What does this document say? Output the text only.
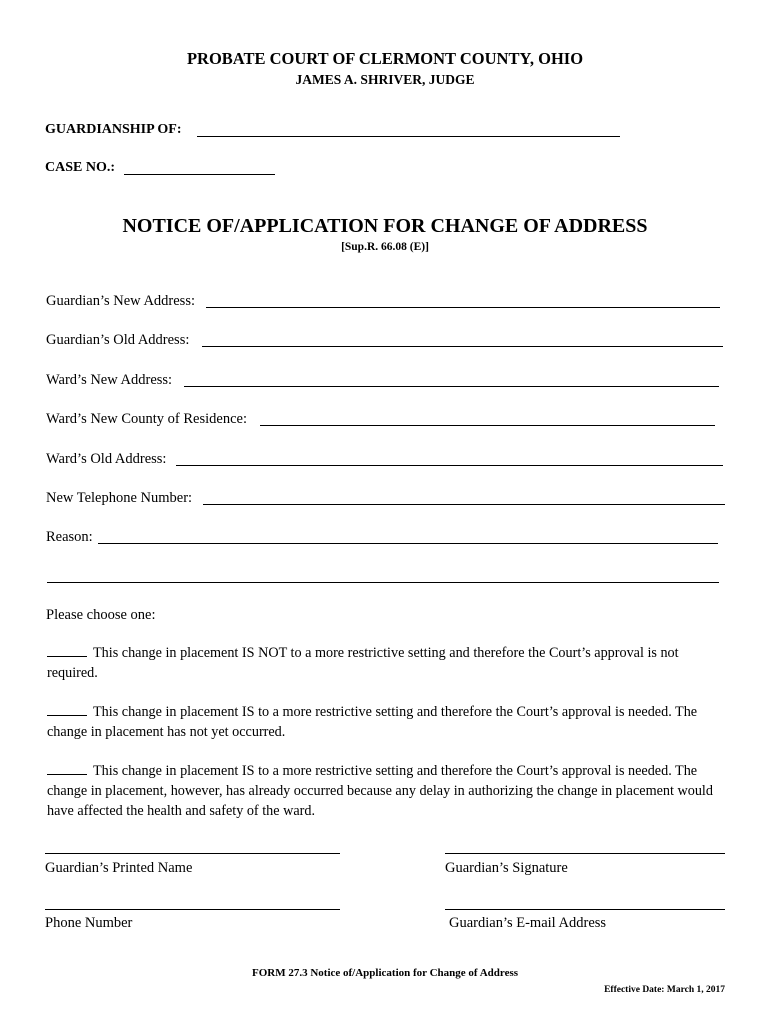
PROBATE COURT OF CLERMONT COUNTY, OHIO
JAMES A. SHRIVER, JUDGE
GUARDIANSHIP OF:
CASE NO.:
NOTICE OF/APPLICATION FOR CHANGE OF ADDRESS
[Sup.R. 66.08 (E)]
Guardian’s New Address:
Guardian’s Old Address:
Ward’s New Address:
Ward’s New County of Residence:
Ward’s Old Address:
New Telephone Number:
Reason:
Please choose one:
This change in placement IS NOT to a more restrictive setting and therefore the Court’s approval is not required.
This change in placement IS to a more restrictive setting and therefore the Court’s approval is needed. The change in placement has not yet occurred.
This change in placement IS to a more restrictive setting and therefore the Court’s approval is needed. The change in placement, however, has already occurred because any delay in authorizing the change in placement would have affected the health and safety of the ward.
Guardian’s Printed Name	Guardian’s Signature
Phone Number	Guardian’s E-mail Address
FORM 27.3 Notice of/Application for Change of Address
Effective Date: March 1, 2017
